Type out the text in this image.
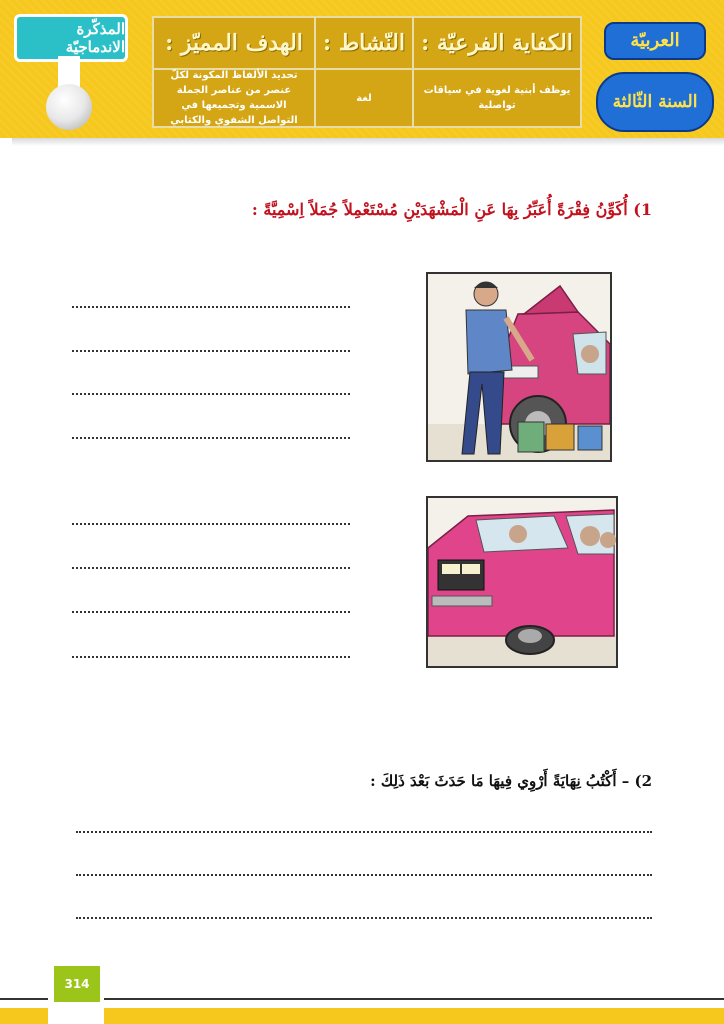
المذكّرة الاندماجيّة	الهدف المميّز :
تحديد الألفاظ المكونة لكلّ عنصر من عناصر الجملة الاسمية وتجميعها في التواصل الشفوي والكتابي
النّشاط :
لغة
الكفاية الفرعيّة :
يوظف أبنية لغوية في سياقات تواصلية
العربيّة
السنة الثّالثة
1) أُكَوِّنُ فِقْرَةً أُعَبِّرُ بِهَا عَنِ الْمَشْهَدَيْنِ مُسْتَعْمِلاً جُمَلاً اِسْمِيَّةً :
2) – أَكْتُبُ نِهَايَةً أَرْوِي فِيهَا مَا حَدَثَ بَعْدَ ذَلِكَ :
314
